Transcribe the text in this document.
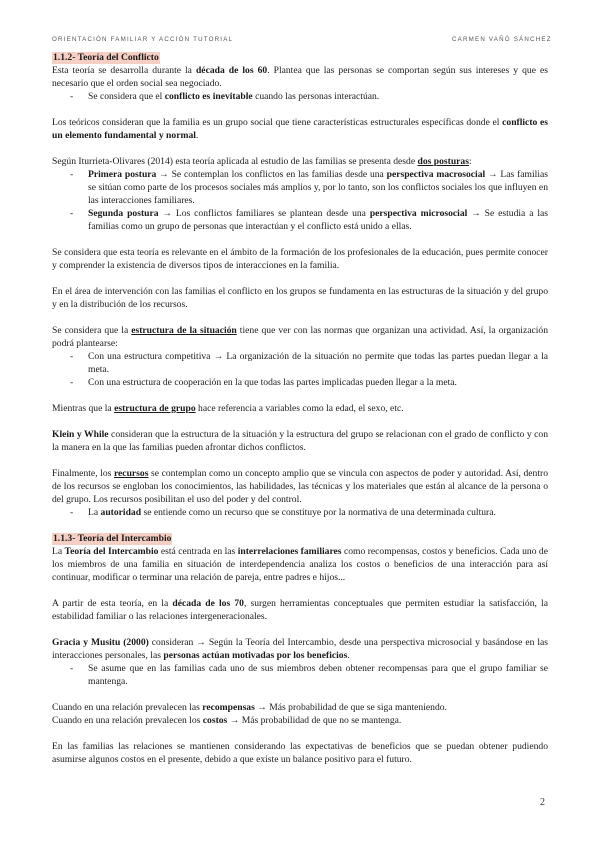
ORIENTACIÓN FAMILIAR Y ACCIÓN TUTORIAL	CARMEN VAÑÓ SÁNCHEZ
1.1.2- Teoría del Conflicto

Esta teoría se desarrolla durante la década de los 60. Plantea que las personas se comportan según sus intereses y que es necesario que el orden social sea negociado.

- Se considera que el conflicto es inevitable cuando las personas interactúan.

Los teóricos consideran que la familia es un grupo social que tiene características estructurales específicas donde el conflicto es un elemento fundamental y normal.

Según Iturrieta-Olivares (2014) esta teoría aplicada al estudio de las familias se presenta desde dos posturas:

- Primera postura → Se contemplan los conflictos en las familias desde una perspectiva macrosocial → Las familias se sitúan como parte de los procesos sociales más amplios y, por lo tanto, son los conflictos sociales los que influyen en las interacciones familiares.
- Segunda postura → Los conflictos familiares se plantean desde una perspectiva microsocial → Se estudia a las familias como un grupo de personas que interactúan y el conflicto está unido a ellas.

Se considera que esta teoría es relevante en el ámbito de la formación de los profesionales de la educación, pues permite conocer y comprender la existencia de diversos tipos de interacciones en la familia.

En el área de intervención con las familias el conflicto en los grupos se fundamenta en las estructuras de la situación y del grupo y en la distribución de los recursos.

Se considera que la estructura de la situación tiene que ver con las normas que organizan una actividad. Así, la organización podrá plantearse:

- Con una estructura competitiva → La organización de la situación no permite que todas las partes puedan llegar a la meta.
- Con una estructura de cooperación en la que todas las partes implicadas pueden llegar a la meta.

Mientras que la estructura de grupo hace referencia a variables como la edad, el sexo, etc.

Klein y While consideran que la estructura de la situación y la estructura del grupo se relacionan con el grado de conflicto y con la manera en la que las familias pueden afrontar dichos conflictos.

Finalmente, los recursos se contemplan como un concepto amplio que se vincula con aspectos de poder y autoridad. Así, dentro de los recursos se engloban los conocimientos, las habilidades, las técnicas y los materiales que están al alcance de la persona o del grupo. Los recursos posibilitan el uso del poder y del control.

- La autoridad se entiende como un recurso que se constituye por la normativa de una determinada cultura.
1.1.3- Teoría del Intercambio

La Teoría del Intercambio está centrada en las interrelaciones familiares como recompensas, costos y beneficios. Cada uno de los miembros de una familia en situación de interdependencia analiza los costos o beneficios de una interacción para así continuar, modificar o terminar una relación de pareja, entre padres e hijos...

A partir de esta teoría, en la década de los 70, surgen herramientas conceptuales que permiten estudiar la satisfacción, la estabilidad familiar o las relaciones intergeneracionales.

Gracia y Musitu (2000) consideran → Según la Teoría del Intercambio, desde una perspectiva microsocial y basándose en las interacciones personales, las personas actúan motivadas por los beneficios.

- Se asume que en las familias cada uno de sus miembros deben obtener recompensas para que el grupo familiar se mantenga.

Cuando en una relación prevalecen las recompensas → Más probabilidad de que se siga manteniendo.

Cuando en una relación prevalecen los costos → Más probabilidad de que no se mantenga.

En las familias las relaciones se mantienen considerando las expectativas de beneficios que se puedan obtener pudiendo asumirse algunos costos en el presente, debido a que existe un balance positivo para el futuro.

2
